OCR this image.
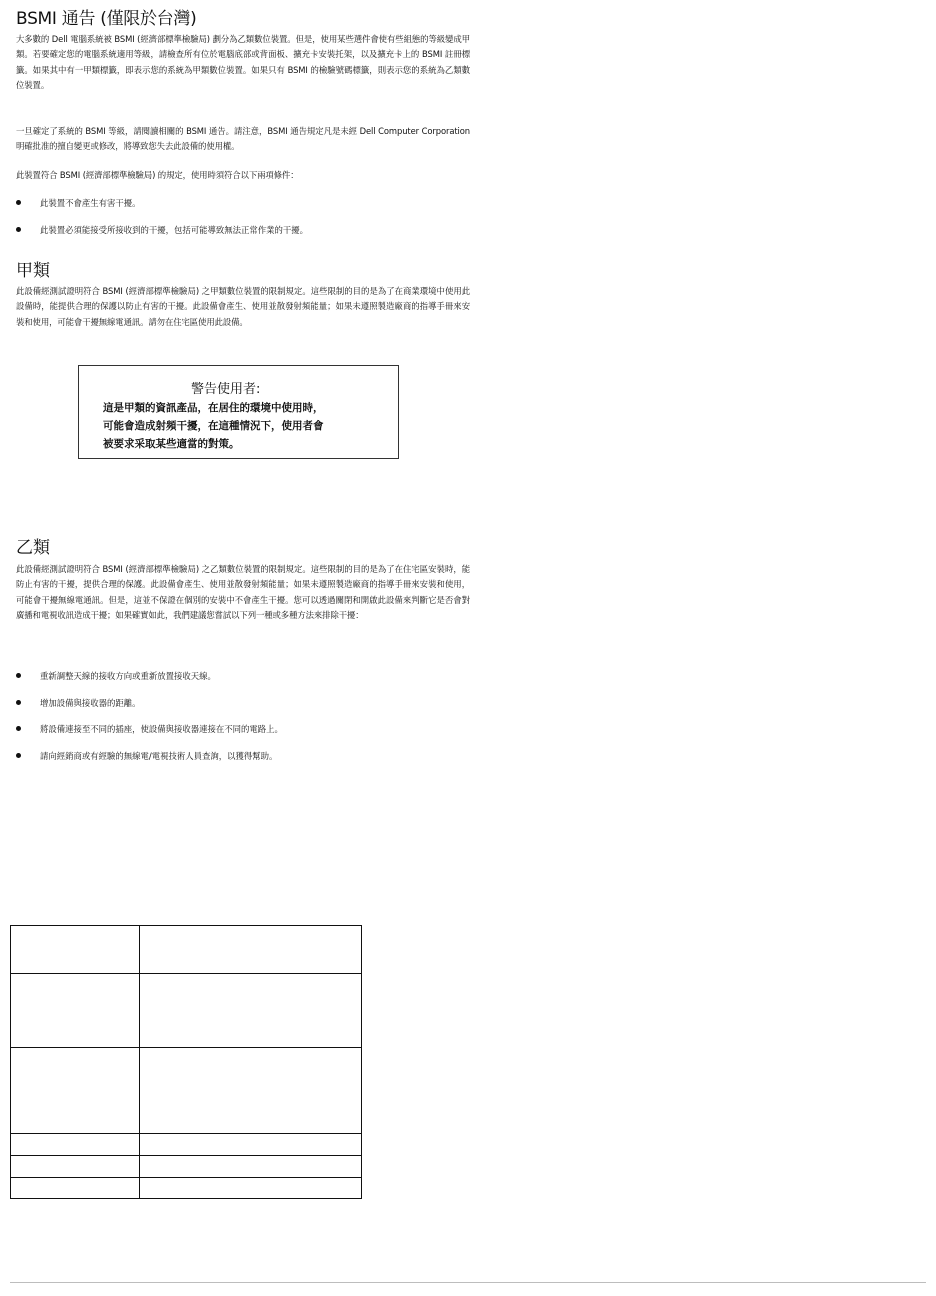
BSMI 通告 (僅限於台灣)

大多數的 Dell 電腦系統被 BSMI (經濟部標準檢驗局) 劃分為乙類數位裝置。但是，使用某些選件會使有些組態的等級變成甲類。若要確定您的電腦系統適用等級，請檢查所有位於電腦底部或背面板、擴充卡安裝托架，以及擴充卡上的 BSMI 註冊標籤。如果其中有一甲類標籤，即表示您的系統為甲類數位裝置。如果只有 BSMI 的檢驗號碼標籤，則表示您的系統為乙類數位裝置。

一旦確定了系統的 BSMI 等級，請閱讀相關的 BSMI 通告。請注意，BSMI 通告規定凡是未經 Dell Computer Corporation 明確批准的擅自變更或修改，將導致您失去此設備的使用權。

此裝置符合 BSMI (經濟部標準檢驗局) 的規定，使用時須符合以下兩項條件：

此裝置不會產生有害干擾。
此裝置必須能接受所接收到的干擾，包括可能導致無法正常作業的干擾。
甲類

此設備經測試證明符合 BSMI (經濟部標準檢驗局) 之甲類數位裝置的限制規定。這些限制的目的是為了在商業環境中使用此設備時，能提供合理的保護以防止有害的干擾。此設備會產生、使用並散發射頻能量；如果未遵照製造廠商的指導手冊來安裝和使用，可能會干擾無線電通訊。請勿在住宅區使用此設備。

警告使用者:
這是甲類的資訊產品，在居住的環境中使用時，
可能會造成射頻干擾，在這種情況下，使用者會
被要求采取某些適當的對策。
乙類

此設備經測試證明符合 BSMI (經濟部標準檢驗局) 之乙類數位裝置的限制規定。這些限制的目的是為了在住宅區安裝時，能防止有害的干擾，提供合理的保護。此設備會產生、使用並散發射頻能量；如果未遵照製造廠商的指導手冊來安裝和使用，可能會干擾無線電通訊。但是，這並不保證在個別的安裝中不會產生干擾。您可以透過關閉和開啟此設備來判斷它是否會對廣播和電視收訊造成干擾；如果確實如此，我們建議您嘗試以下列一種或多種方法來排除干擾：

重新調整天線的接收方向或重新放置接收天線。
增加設備與接收器的距離。
將設備連接至不同的插座，使設備與接收器連接在不同的電路上。
請向經銷商或有經驗的無線電/電視技術人員查詢，以獲得幫助。
